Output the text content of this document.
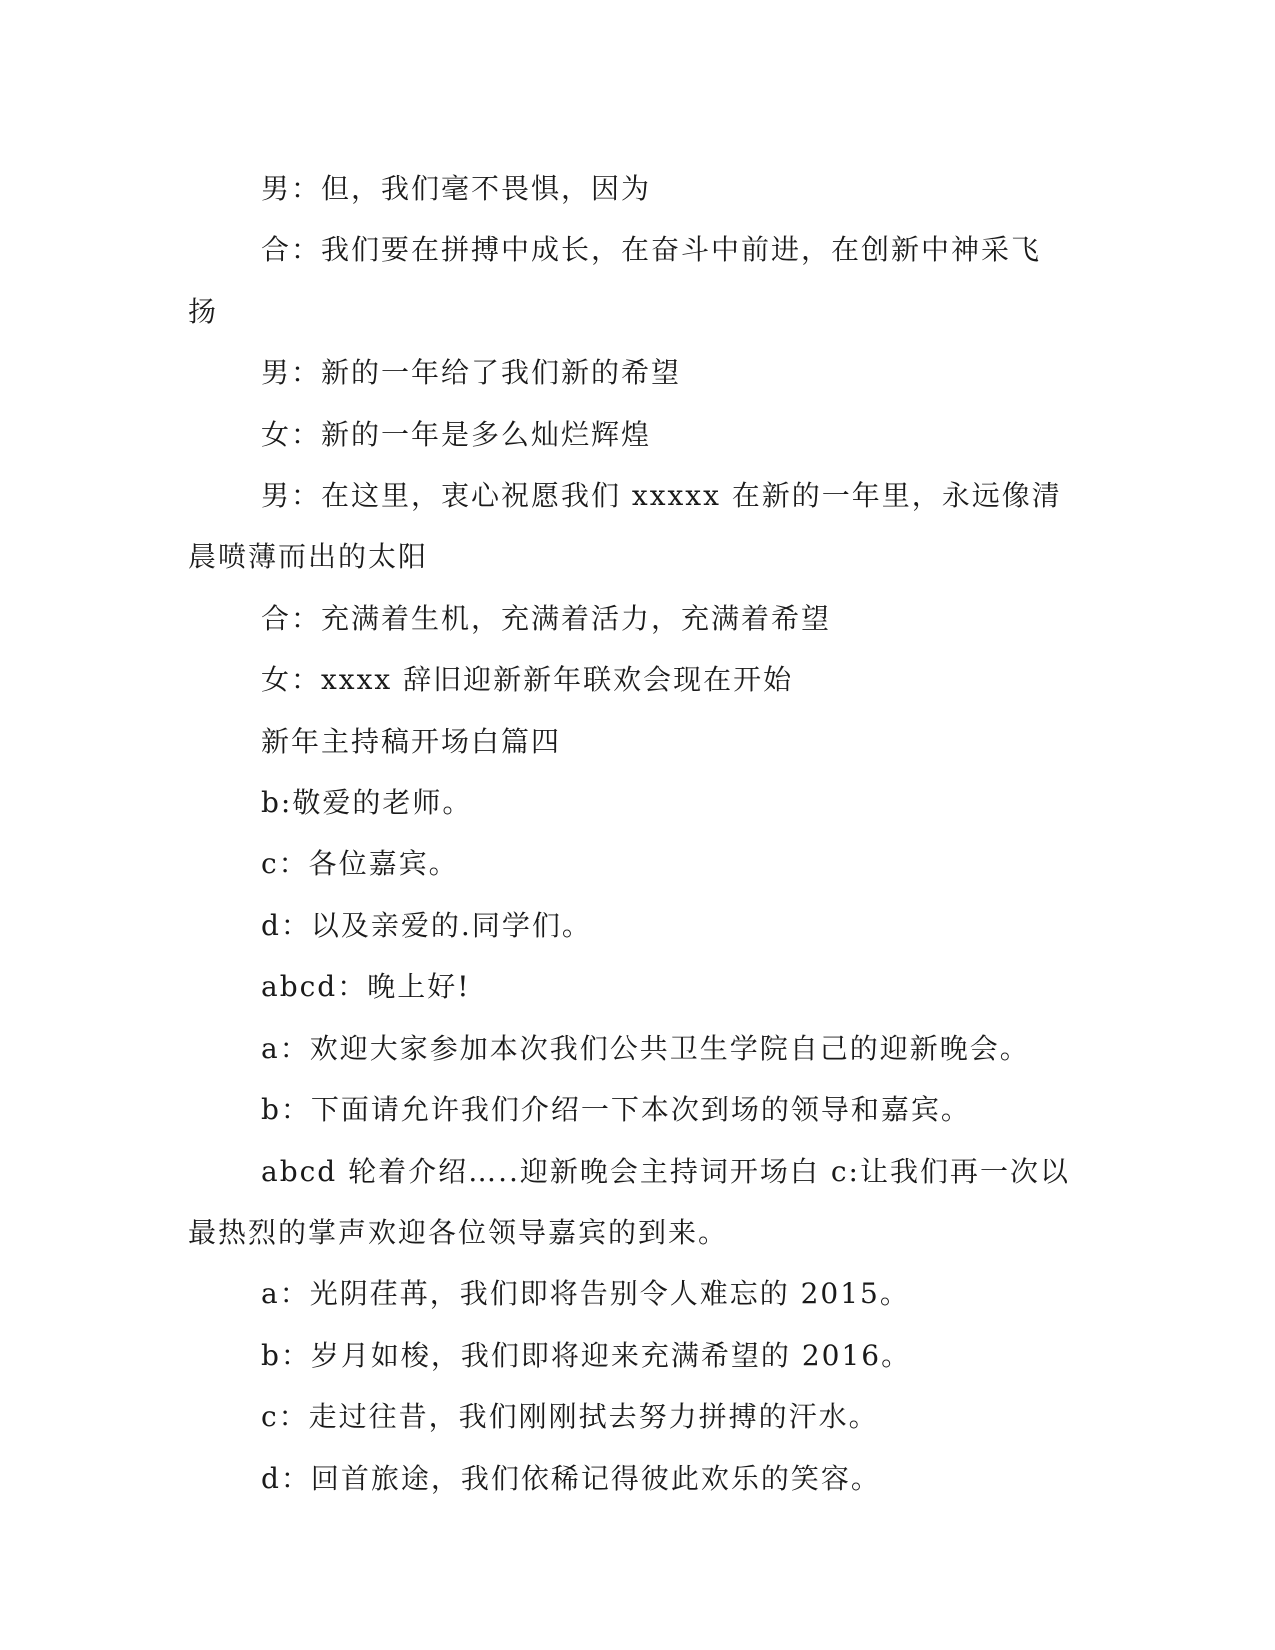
男：但，我们毫不畏惧，因为

合：我们要在拼搏中成长，在奋斗中前进，在创新中神采飞扬

男：新的一年给了我们新的希望

女：新的一年是多么灿烂辉煌

男：在这里，衷心祝愿我们 xxxxx 在新的一年里，永远像清晨喷薄而出的太阳

合：充满着生机，充满着活力，充满着希望

女：xxxx 辞旧迎新新年联欢会现在开始

新年主持稿开场白篇四

b:敬爱的老师。

c：各位嘉宾。

d：以及亲爱的.同学们。

abcd：晚上好!

a：欢迎大家参加本次我们公共卫生学院自己的迎新晚会。

b：下面请允许我们介绍一下本次到场的领导和嘉宾。

abcd 轮着介绍…..迎新晚会主持词开场白 c:让我们再一次以最热烈的掌声欢迎各位领导嘉宾的到来。

a：光阴荏苒，我们即将告别令人难忘的 2015。

b：岁月如梭，我们即将迎来充满希望的 2016。

c：走过往昔，我们刚刚拭去努力拼搏的汗水。

d：回首旅途，我们依稀记得彼此欢乐的笑容。
